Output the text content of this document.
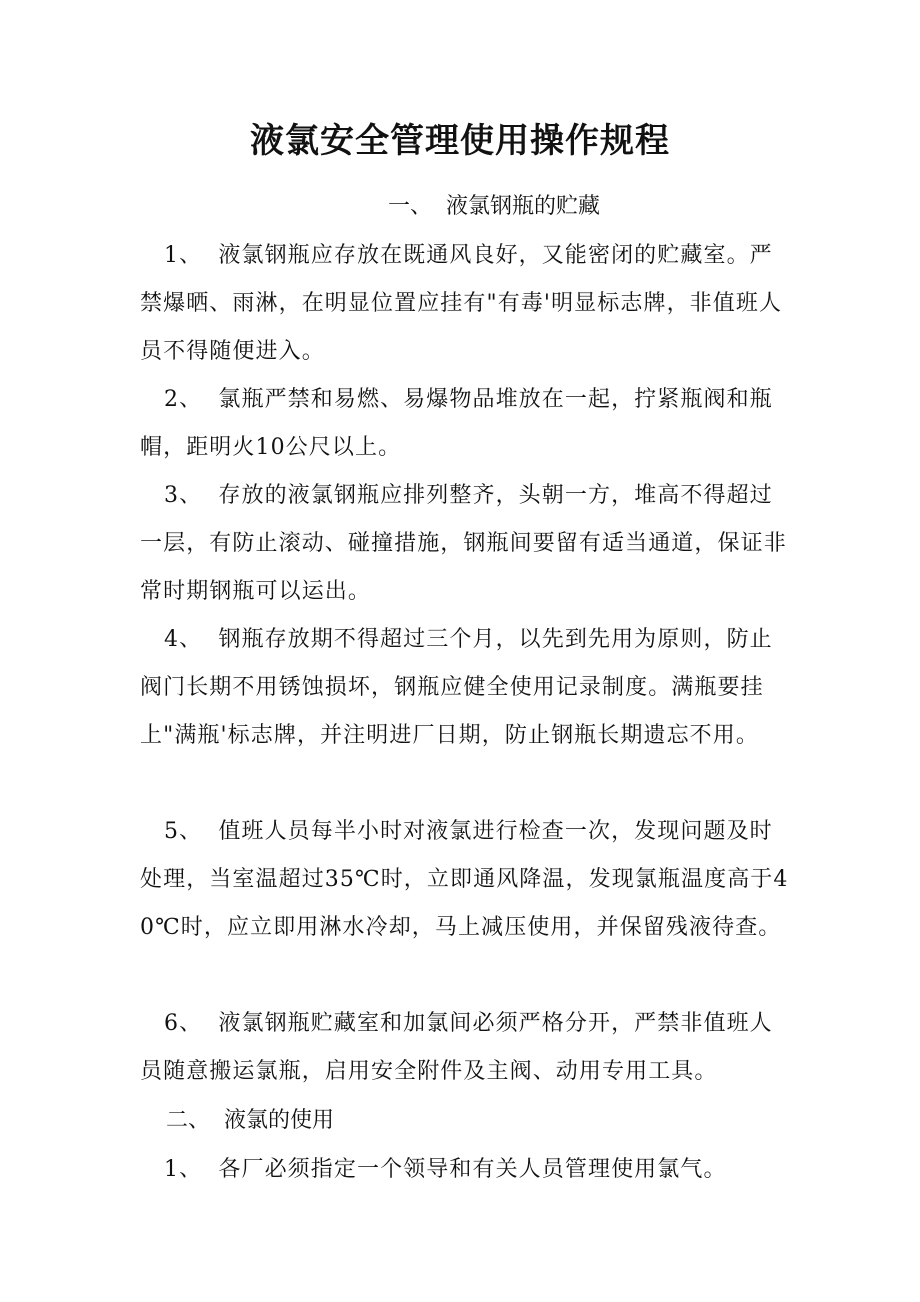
液氯安全管理使用操作规程

一、  液氯钢瓶的贮藏

1、  液氯钢瓶应存放在既通风良好，又能密闭的贮藏室。严禁爆晒、雨淋，在明显位置应挂有"有毒'明显标志牌，非值班人员不得随便进入。

2、  氯瓶严禁和易燃、易爆物品堆放在一起，拧紧瓶阀和瓶帽，距明火10公尺以上。

3、  存放的液氯钢瓶应排列整齐，头朝一方，堆高不得超过一层，有防止滚动、碰撞措施，钢瓶间要留有适当通道，保证非常时期钢瓶可以运出。

4、  钢瓶存放期不得超过三个月，以先到先用为原则，防止阀门长期不用锈蚀损坏，钢瓶应健全使用记录制度。满瓶要挂上"满瓶'标志牌，并注明进厂日期，防止钢瓶长期遗忘不用。

5、  值班人员每半小时对液氯进行检查一次，发现问题及时处理，当室温超过35℃时，立即通风降温，发现氯瓶温度高于40℃时，应立即用淋水冷却，马上减压使用，并保留残液待查。

6、  液氯钢瓶贮藏室和加氯间必须严格分开，严禁非值班人员随意搬运氯瓶，启用安全附件及主阀、动用专用工具。

二、  液氯的使用

1、  各厂必须指定一个领导和有关人员管理使用氯气。
